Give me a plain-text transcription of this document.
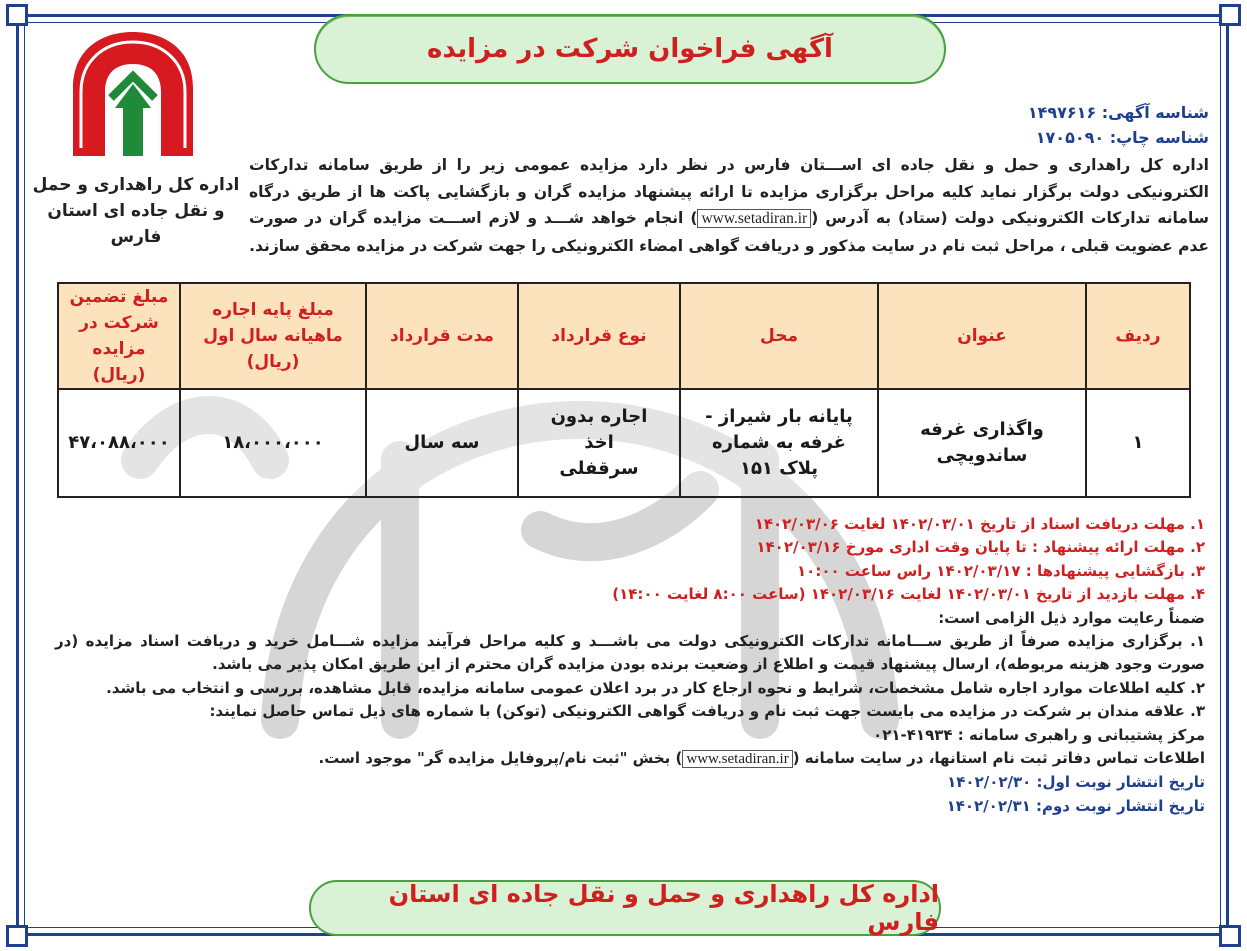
آگهی فراخوان شرکت در مزایده
اداره کل راهداری و حمل و نقل جاده ای استان فارس
شناسه آگهی: ۱۴۹۷۶۱۶
شناسه چاپ: ۱۷۰۵۰۹۰
اداره کل راهداری و حمل و نقل جاده ای اســـتان فارس در نظر دارد مزایده عمومی زیر را از طریق سامانه تدارکات الکترونیکی دولت برگزار نماید کلیه مراحل برگزاری مزایده تا ارائه پیشنهاد مزایده گران و بازگشایی پاکت ها از طریق درگاه سامانه تدارکات الکترونیکی دولت (ستاد) به آدرس (www.setadiran.ir) انجام خواهد شـــد و لازم اســـت مزایده گران در صورت عدم عضویت قبلی ، مراحل ثبت نام در سایت مذکور و دریافت گواهی امضاء الکترونیکی را جهت شرکت در مزایده محقق سازند.
ردیف	عنوان	محل	نوع قرارداد	مدت قرارداد	مبلغ پایه اجاره ماهیانه سال اول (ریال)	مبلغ تضمین شرکت در مزایده (ریال)
۱	واگذاری غرفه ساندویچی	پایانه بار شیراز - غرفه به شماره پلاک ۱۵۱	اجاره بدون اخذ سرقفلی	سه سال	۱۸،۰۰۰،۰۰۰	۴۷،۰۸۸،۰۰۰
۱. مهلت دریافت اسناد از تاریخ ۱۴۰۲/۰۳/۰۱ لغایت ۱۴۰۲/۰۳/۰۶
۲. مهلت ارائه پیشنهاد : تا پایان وقت اداری مورخ ۱۴۰۲/۰۳/۱۶
۳. بازگشایی پیشنهادها : ۱۴۰۲/۰۳/۱۷ راس ساعت ۱۰:۰۰
۴. مهلت بازدید از تاریخ ۱۴۰۲/۰۳/۰۱ لغایت ۱۴۰۲/۰۳/۱۶ (ساعت ۸:۰۰ لغایت ۱۴:۰۰)
ضمناً رعایت موارد ذیل الزامی است:
۱. برگزاری مزایده صرفاً از طریق ســـامانه تدارکات الکترونیکی دولت می باشـــد و کلیه مراحل فرآیند مزایده شـــامل خرید و دریافت اسناد مزایده (در صورت وجود هزینه مربوطه)، ارسال پیشنهاد قیمت و اطلاع از وضعیت برنده بودن مزایده گران محترم از این طریق امکان پذیر می باشد.
۲. کلیه اطلاعات موارد اجاره شامل مشخصات، شرایط و نحوه ارجاع کار در برد اعلان عمومی سامانه مزایده، قابل مشاهده، بررسی و انتخاب می باشد.
۳. علاقه مندان بر شرکت در مزایده می بایست جهت ثبت نام و دریافت گواهی الکترونیکی (توکن) با شماره های ذیل تماس حاصل نمایند:
مرکز پشتیبانی و راهبری سامانه : ۴۱۹۳۴-۰۲۱
اطلاعات تماس دفاتر ثبت نام استانها، در سایت سامانه (www.setadiran.ir) بخش "ثبت نام/پروفایل مزایده گر" موجود است.
تاریخ انتشار نوبت اول: ۱۴۰۲/۰۲/۳۰
تاریخ انتشار نوبت دوم: ۱۴۰۲/۰۲/۳۱
اداره کل راهداری و حمل و نقل جاده ای استان فارس
